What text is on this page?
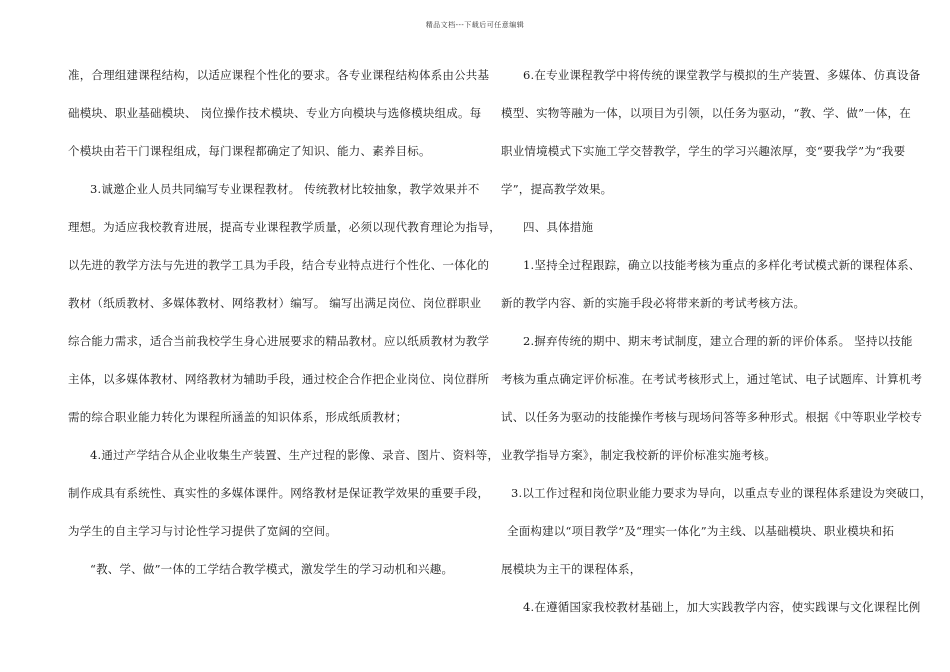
精品文档---下载后可任意编辑
准，合理组建课程结构，以适应课程个性化的要求。各专业课程结构体系由公共基
础模块、职业基础模块、 岗位操作技术模块、专业方向模块与选修模块组成。每
个模块由若干门课程组成，每门课程都确定了知识、能力、素养目标。
3.诚邀企业人员共同编写专业课程教材。 传统教材比较抽象，教学效果并不
理想。为适应我校教育进展，提高专业课程教学质量，必须以现代教育理论为指导，
以先进的教学方法与先进的教学工具为手段，结合专业特点进行个性化、一体化的
教材（纸质教材、多媒体教材、网络教材）编写。 编写出满足岗位、岗位群职业
综合能力需求，适合当前我校学生身心进展要求的精品教材。应以纸质教材为教学
主体，以多媒体教材、网络教材为辅助手段，通过校企合作把企业岗位、岗位群所
需的综合职业能力转化为课程所涵盖的知识体系，形成纸质教材；
4.通过产学结合从企业收集生产装置、生产过程的影像、录音、图片、资料等，
制作成具有系统性、真实性的多媒体课件。网络教材是保证教学效果的重要手段，
为学生的自主学习与讨论性学习提供了宽阔的空间。
“教、学、做”一体的工学结合教学模式，激发学生的学习动机和兴趣。
6.在专业课程教学中将传统的课堂教学与模拟的生产装置、多媒体、仿真设备
模型、实物等融为一体，以项目为引领，以任务为驱动，“教、学、做”一体，在
职业情境模式下实施工学交替教学，学生的学习兴趣浓厚，变“要我学”为“我要
学”，提高教学效果。
四、具体措施
1.坚持全过程跟踪，确立以技能考核为重点的多样化考试模式新的课程体系、
新的教学内容、新的实施手段必将带来新的考试考核方法。
2.摒弃传统的期中、期末考试制度，建立合理的新的评价体系。 坚持以技能
考核为重点确定评价标准。在考试考核形式上，通过笔试、电子试题库、计算机考
试、以任务为驱动的技能操作考核与现场问答等多种形式。根据《中等职业学校专
业教学指导方案》，制定我校新的评价标准实施考核。
3.以工作过程和岗位职业能力要求为导向，以重点专业的课程体系建设为突破口，
全面构建以“项目教学”及“理实一体化”为主线、以基础模块、职业模块和拓
展模块为主干的课程体系，
4.在遵循国家我校教材基础上，加大实践教学内容，使实践课与文化课程比例
